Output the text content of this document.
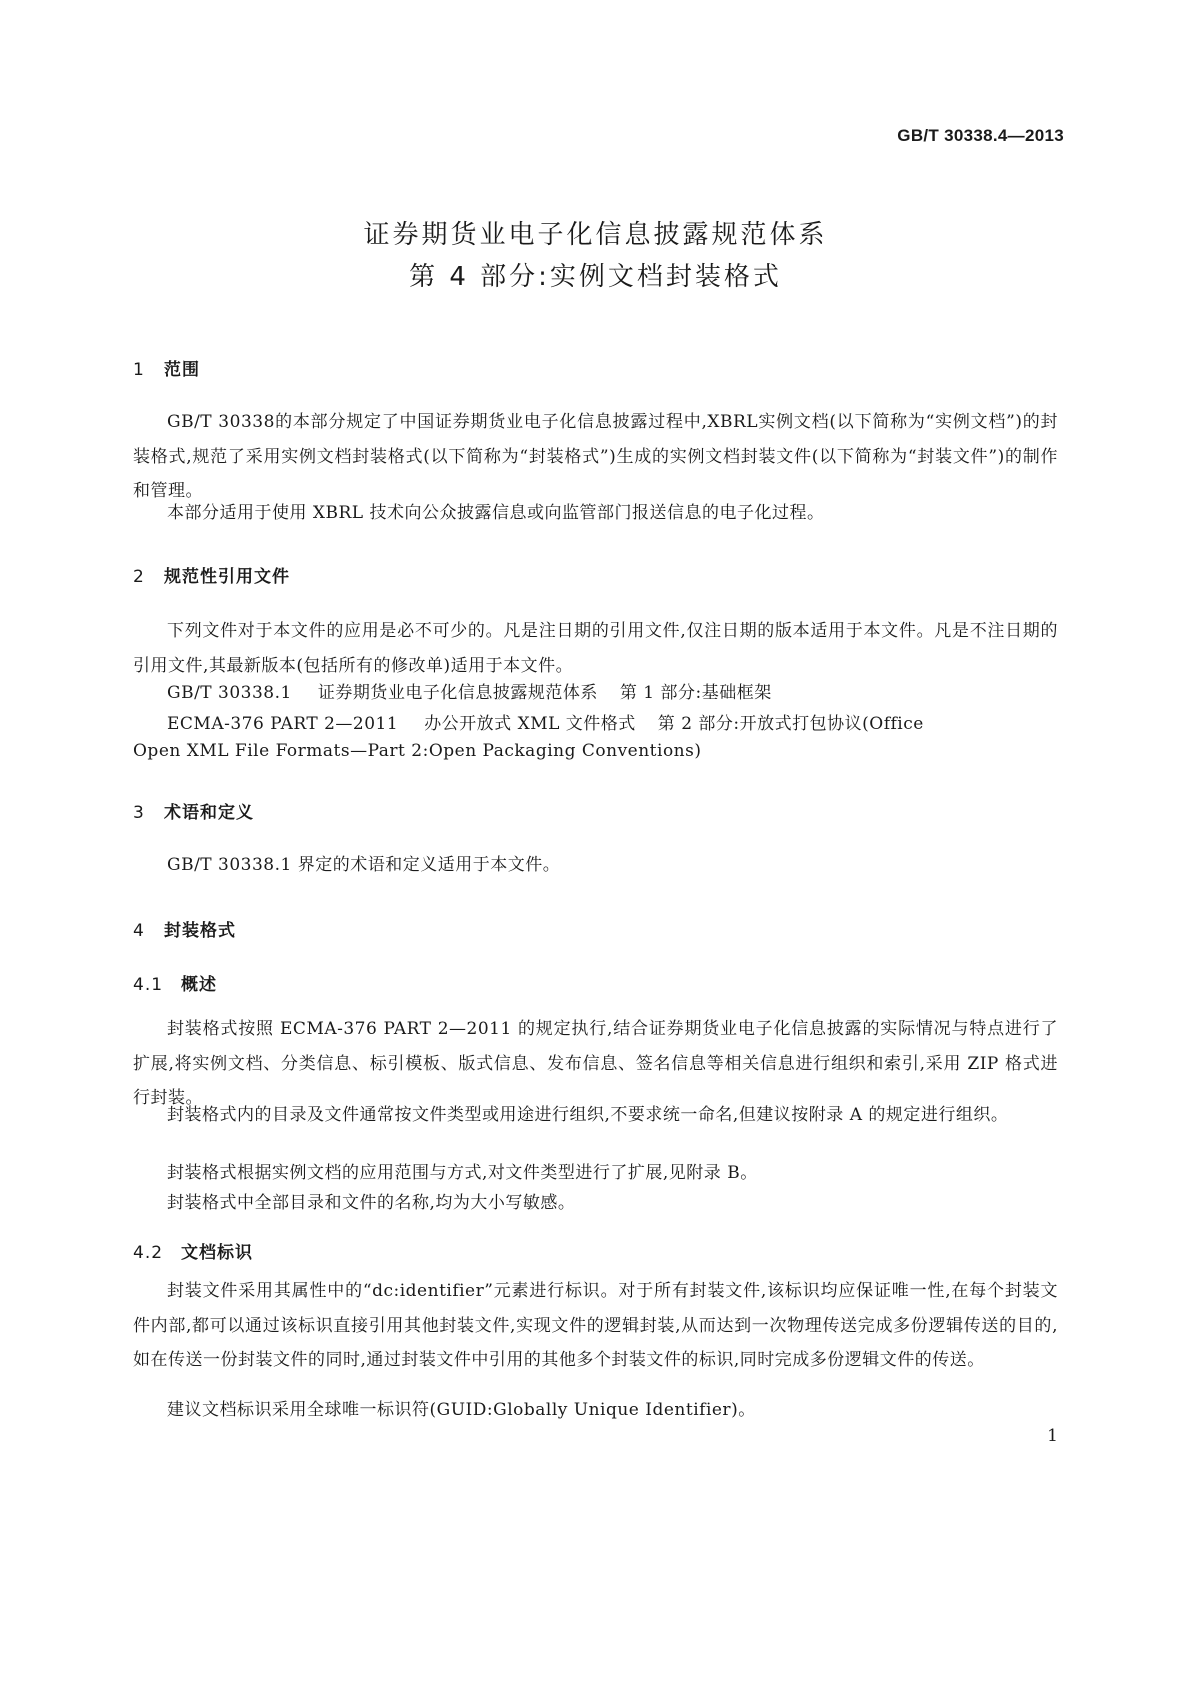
GB/T 30338.4—2013
证券期货业电子化信息披露规范体系
第 4 部分:实例文档封装格式
1 范围

GB/T 30338的本部分规定了中国证券期货业电子化信息披露过程中,XBRL实例文档(以下简称为“实例文档”)的封装格式,规范了采用实例文档封装格式(以下简称为“封装格式”)生成的实例文档封装文件(以下简称为“封装文件”)的制作和管理。

本部分适用于使用 XBRL 技术向公众披露信息或向监管部门报送信息的电子化过程。

2 规范性引用文件

下列文件对于本文件的应用是必不可少的。凡是注日期的引用文件,仅注日期的版本适用于本文件。凡是不注日期的引用文件,其最新版本(包括所有的修改单)适用于本文件。

GB/T 30338.1 证券期货业电子化信息披露规范体系 第 1 部分:基础框架
ECMA-376 PART 2—2011 办公开放式 XML 文件格式 第 2 部分:开放式打包协议(Office
Open XML File Formats—Part 2:Open Packaging Conventions)
3 术语和定义

GB/T 30338.1 界定的术语和定义适用于本文件。

4 封装格式
4.1 概述

封装格式按照 ECMA-376 PART 2—2011 的规定执行,结合证券期货业电子化信息披露的实际情况与特点进行了扩展,将实例文档、分类信息、标引模板、版式信息、发布信息、签名信息等相关信息进行组织和索引,采用 ZIP 格式进行封装。

封装格式内的目录及文件通常按文件类型或用途进行组织,不要求统一命名,但建议按附录 A 的规定进行组织。

封装格式根据实例文档的应用范围与方式,对文件类型进行了扩展,见附录 B。

封装格式中全部目录和文件的名称,均为大小写敏感。

4.2 文档标识

封装文件采用其属性中的“dc:identifier”元素进行标识。对于所有封装文件,该标识均应保证唯一性,在每个封装文件内部,都可以通过该标识直接引用其他封装文件,实现文件的逻辑封装,从而达到一次物理传送完成多份逻辑传送的目的,如在传送一份封装文件的同时,通过封装文件中引用的其他多个封装文件的标识,同时完成多份逻辑文件的传送。

建议文档标识采用全球唯一标识符(GUID:Globally Unique Identifier)。

1
